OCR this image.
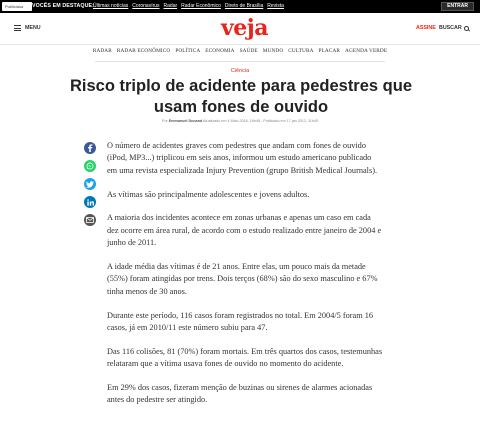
Publiciasa	VOCÊS EM DESTAQUE:
Últimas notícias Coronavírus Radar Radar Econômico Direto de Brasília Revista	ENTRAR
MENU	veja	ASSINE BUSCAR
RADAR RADAR ECONÔMICO POLÍTICA ECONOMIA SAÚDE MUNDO CULTURA PLACAR AGENDA VERDE
Ciência
Risco triplo de acidente para pedestres que usam fones de ouvido
Por Emmanuel Dunand Atualizado em 4 Maio 2016, 16h48 - Publicado em 17 jan 2012, 11h40

O número de acidentes graves com pedestres que andam com fones de ouvido (iPod, MP3...) triplicou em seis anos, informou um estudo americano publicado em uma revista especializada Injury Prevention (grupo British Medical Journals).

As vítimas são principalmente adolescentes e jovens adultos.

A maioria dos incidentes acontece em zonas urbanas e apenas um caso em cada dez ocorre em área rural, de acordo com o estudo realizado entre janeiro de 2004 e junho de 2011.

A idade média das vítimas é de 21 anos. Entre elas, um pouco mais da metade (55%) foram atingidas por trens. Dois terços (68%) são do sexo masculino e 67% tinha menos de 30 anos.

Durante este período, 116 casos foram registrados no total. Em 2004/5 foram 16 casos, já em 2010/11 este número subiu para 47.

Das 116 colisões, 81 (70%) foram mortais. Em três quartos dos casos, testemunhas relataram que a vítima usava fones de ouvido no momento do acidente.

Em 29% dos casos, fizeram menção de buzinas ou sirenes de alarmes acionadas antes do pedestre ser atingido.
